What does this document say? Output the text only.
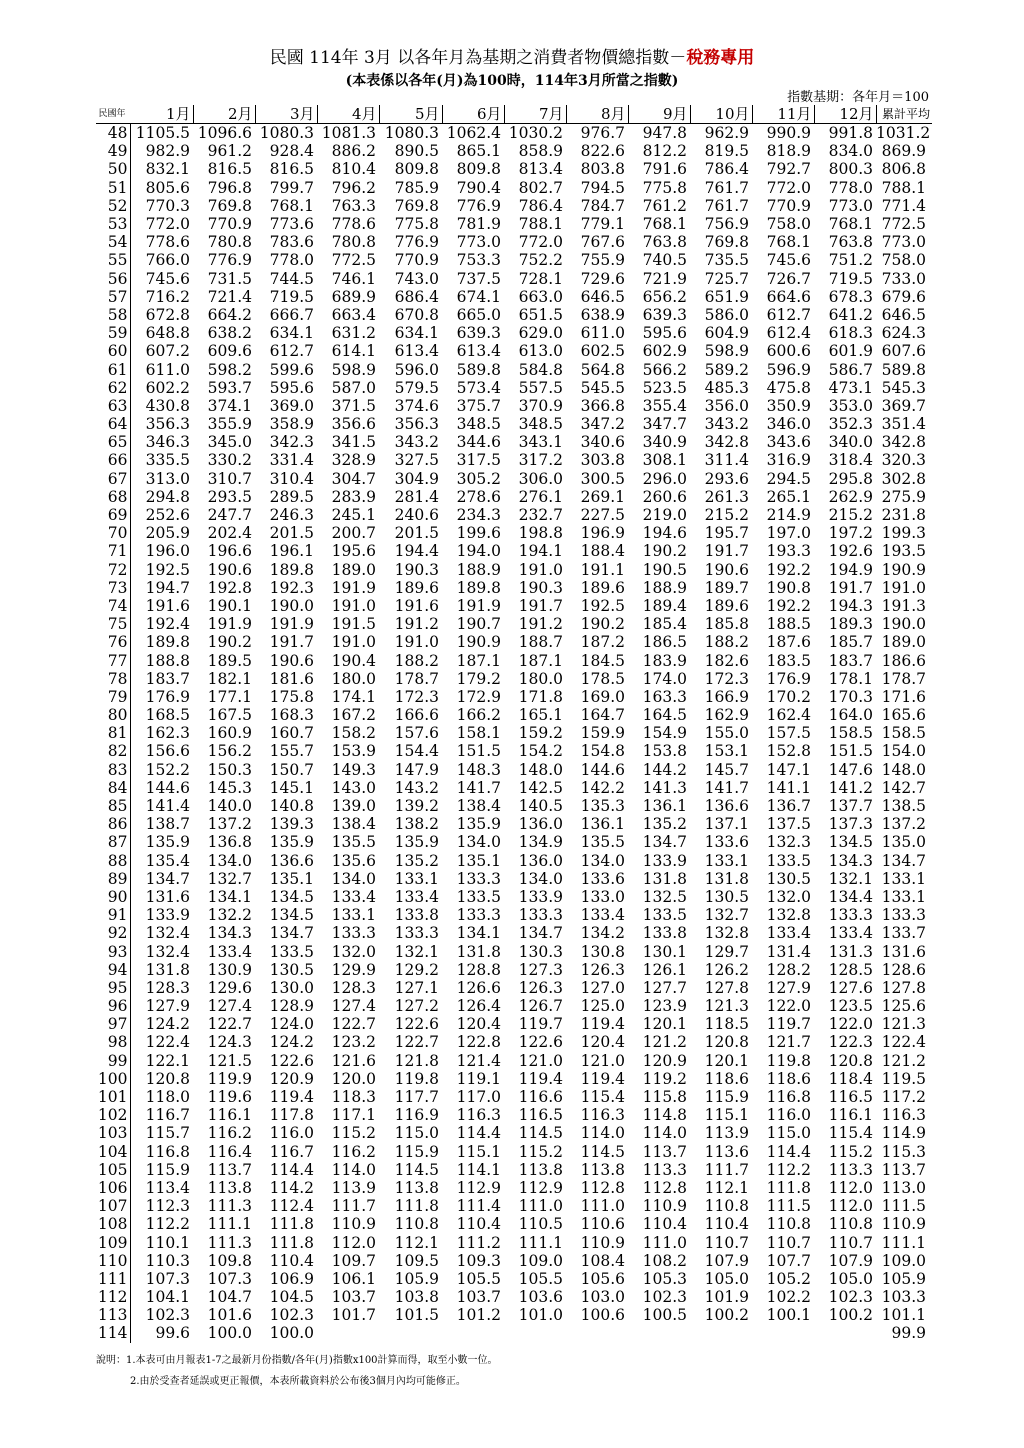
民國 114年 3月 以各年月為基期之消費者物價總指數－稅務專用
(本表係以各年(月)為100時，114年3月所當之指數)
指數基期：各年月＝100
民國年	1月	2月	3月	4月	5月	6月	7月	8月	9月	10月	11月	12月	累計平均
48	1105.5	1096.6	1080.3	1081.3	1080.3	1062.4	1030.2	976.7	947.8	962.9	990.9	991.8	1031.2
49	982.9	961.2	928.4	886.2	890.5	865.1	858.9	822.6	812.2	819.5	818.9	834.0	869.9
50	832.1	816.5	816.5	810.4	809.8	809.8	813.4	803.8	791.6	786.4	792.7	800.3	806.8
51	805.6	796.8	799.7	796.2	785.9	790.4	802.7	794.5	775.8	761.7	772.0	778.0	788.1
52	770.3	769.8	768.1	763.3	769.8	776.9	786.4	784.7	761.2	761.7	770.9	773.0	771.4
53	772.0	770.9	773.6	778.6	775.8	781.9	788.1	779.1	768.1	756.9	758.0	768.1	772.5
54	778.6	780.8	783.6	780.8	776.9	773.0	772.0	767.6	763.8	769.8	768.1	763.8	773.0
55	766.0	776.9	778.0	772.5	770.9	753.3	752.2	755.9	740.5	735.5	745.6	751.2	758.0
56	745.6	731.5	744.5	746.1	743.0	737.5	728.1	729.6	721.9	725.7	726.7	719.5	733.0
57	716.2	721.4	719.5	689.9	686.4	674.1	663.0	646.5	656.2	651.9	664.6	678.3	679.6
58	672.8	664.2	666.7	663.4	670.8	665.0	651.5	638.9	639.3	586.0	612.7	641.2	646.5
59	648.8	638.2	634.1	631.2	634.1	639.3	629.0	611.0	595.6	604.9	612.4	618.3	624.3
60	607.2	609.6	612.7	614.1	613.4	613.4	613.0	602.5	602.9	598.9	600.6	601.9	607.6
61	611.0	598.2	599.6	598.9	596.0	589.8	584.8	564.8	566.2	589.2	596.9	586.7	589.8
62	602.2	593.7	595.6	587.0	579.5	573.4	557.5	545.5	523.5	485.3	475.8	473.1	545.3
63	430.8	374.1	369.0	371.5	374.6	375.7	370.9	366.8	355.4	356.0	350.9	353.0	369.7
64	356.3	355.9	358.9	356.6	356.3	348.5	348.5	347.2	347.7	343.2	346.0	352.3	351.4
65	346.3	345.0	342.3	341.5	343.2	344.6	343.1	340.6	340.9	342.8	343.6	340.0	342.8
66	335.5	330.2	331.4	328.9	327.5	317.5	317.2	303.8	308.1	311.4	316.9	318.4	320.3
67	313.0	310.7	310.4	304.7	304.9	305.2	306.0	300.5	296.0	293.6	294.5	295.8	302.8
68	294.8	293.5	289.5	283.9	281.4	278.6	276.1	269.1	260.6	261.3	265.1	262.9	275.9
69	252.6	247.7	246.3	245.1	240.6	234.3	232.7	227.5	219.0	215.2	214.9	215.2	231.8
70	205.9	202.4	201.5	200.7	201.5	199.6	198.8	196.9	194.6	195.7	197.0	197.2	199.3
71	196.0	196.6	196.1	195.6	194.4	194.0	194.1	188.4	190.2	191.7	193.3	192.6	193.5
72	192.5	190.6	189.8	189.0	190.3	188.9	191.0	191.1	190.5	190.6	192.2	194.9	190.9
73	194.7	192.8	192.3	191.9	189.6	189.8	190.3	189.6	188.9	189.7	190.8	191.7	191.0
74	191.6	190.1	190.0	191.0	191.6	191.9	191.7	192.5	189.4	189.6	192.2	194.3	191.3
75	192.4	191.9	191.9	191.5	191.2	190.7	191.2	190.2	185.4	185.8	188.5	189.3	190.0
76	189.8	190.2	191.7	191.0	191.0	190.9	188.7	187.2	186.5	188.2	187.6	185.7	189.0
77	188.8	189.5	190.6	190.4	188.2	187.1	187.1	184.5	183.9	182.6	183.5	183.7	186.6
78	183.7	182.1	181.6	180.0	178.7	179.2	180.0	178.5	174.0	172.3	176.9	178.1	178.7
79	176.9	177.1	175.8	174.1	172.3	172.9	171.8	169.0	163.3	166.9	170.2	170.3	171.6
80	168.5	167.5	168.3	167.2	166.6	166.2	165.1	164.7	164.5	162.9	162.4	164.0	165.6
81	162.3	160.9	160.7	158.2	157.6	158.1	159.2	159.9	154.9	155.0	157.5	158.5	158.5
82	156.6	156.2	155.7	153.9	154.4	151.5	154.2	154.8	153.8	153.1	152.8	151.5	154.0
83	152.2	150.3	150.7	149.3	147.9	148.3	148.0	144.6	144.2	145.7	147.1	147.6	148.0
84	144.6	145.3	145.1	143.0	143.2	141.7	142.5	142.2	141.3	141.7	141.1	141.2	142.7
85	141.4	140.0	140.8	139.0	139.2	138.4	140.5	135.3	136.1	136.6	136.7	137.7	138.5
86	138.7	137.2	139.3	138.4	138.2	135.9	136.0	136.1	135.2	137.1	137.5	137.3	137.2
87	135.9	136.8	135.9	135.5	135.9	134.0	134.9	135.5	134.7	133.6	132.3	134.5	135.0
88	135.4	134.0	136.6	135.6	135.2	135.1	136.0	134.0	133.9	133.1	133.5	134.3	134.7
89	134.7	132.7	135.1	134.0	133.1	133.3	134.0	133.6	131.8	131.8	130.5	132.1	133.1
90	131.6	134.1	134.5	133.4	133.4	133.5	133.9	133.0	132.5	130.5	132.0	134.4	133.1
91	133.9	132.2	134.5	133.1	133.8	133.3	133.3	133.4	133.5	132.7	132.8	133.3	133.3
92	132.4	134.3	134.7	133.3	133.3	134.1	134.7	134.2	133.8	132.8	133.4	133.4	133.7
93	132.4	133.4	133.5	132.0	132.1	131.8	130.3	130.8	130.1	129.7	131.4	131.3	131.6
94	131.8	130.9	130.5	129.9	129.2	128.8	127.3	126.3	126.1	126.2	128.2	128.5	128.6
95	128.3	129.6	130.0	128.3	127.1	126.6	126.3	127.0	127.7	127.8	127.9	127.6	127.8
96	127.9	127.4	128.9	127.4	127.2	126.4	126.7	125.0	123.9	121.3	122.0	123.5	125.6
97	124.2	122.7	124.0	122.7	122.6	120.4	119.7	119.4	120.1	118.5	119.7	122.0	121.3
98	122.4	124.3	124.2	123.2	122.7	122.8	122.6	120.4	121.2	120.8	121.7	122.3	122.4
99	122.1	121.5	122.6	121.6	121.8	121.4	121.0	121.0	120.9	120.1	119.8	120.8	121.2
100	120.8	119.9	120.9	120.0	119.8	119.1	119.4	119.4	119.2	118.6	118.6	118.4	119.5
101	118.0	119.6	119.4	118.3	117.7	117.0	116.6	115.4	115.8	115.9	116.8	116.5	117.2
102	116.7	116.1	117.8	117.1	116.9	116.3	116.5	116.3	114.8	115.1	116.0	116.1	116.3
103	115.7	116.2	116.0	115.2	115.0	114.4	114.5	114.0	114.0	113.9	115.0	115.4	114.9
104	116.8	116.4	116.7	116.2	115.9	115.1	115.2	114.5	113.7	113.6	114.4	115.2	115.3
105	115.9	113.7	114.4	114.0	114.5	114.1	113.8	113.8	113.3	111.7	112.2	113.3	113.7
106	113.4	113.8	114.2	113.9	113.8	112.9	112.9	112.8	112.8	112.1	111.8	112.0	113.0
107	112.3	111.3	112.4	111.7	111.8	111.4	111.0	111.0	110.9	110.8	111.5	112.0	111.5
108	112.2	111.1	111.8	110.9	110.8	110.4	110.5	110.6	110.4	110.4	110.8	110.8	110.9
109	110.1	111.3	111.8	112.0	112.1	111.2	111.1	110.9	111.0	110.7	110.7	110.7	111.1
110	110.3	109.8	110.4	109.7	109.5	109.3	109.0	108.4	108.2	107.9	107.7	107.9	109.0
111	107.3	107.3	106.9	106.1	105.9	105.5	105.5	105.6	105.3	105.0	105.2	105.0	105.9
112	104.1	104.7	104.5	103.7	103.8	103.7	103.6	103.0	102.3	101.9	102.2	102.3	103.3
113	102.3	101.6	102.3	101.7	101.5	101.2	101.0	100.6	100.5	100.2	100.1	100.2	101.1
114	99.6	100.0	100.0										99.9
說明：1.本表可由月報表1-7之最新月份指數/各年(月)指數x100計算而得，取至小數一位。
2.由於受查者延誤或更正報價，本表所載資料於公布後3個月內均可能修正。
